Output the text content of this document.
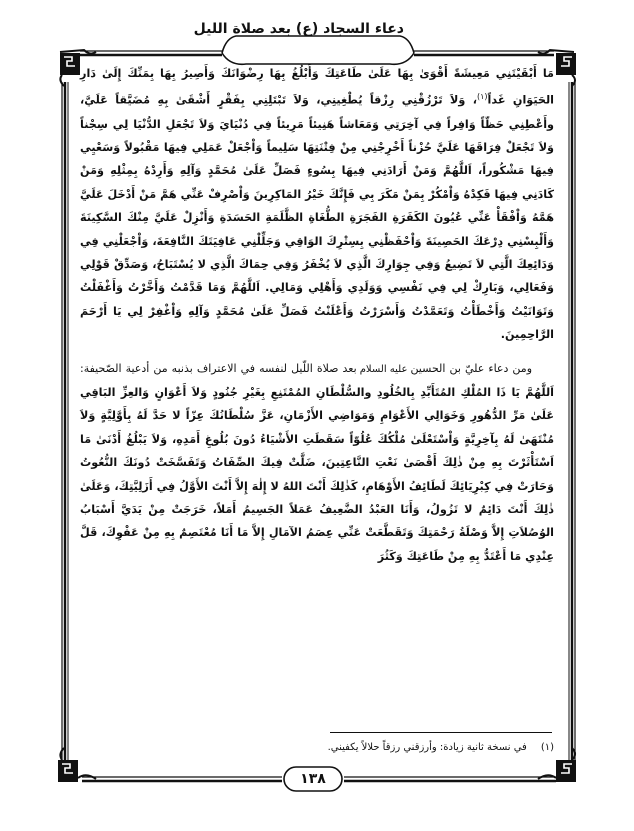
دعاء السجاد (ع) بعد صلاة الليل

مَا أَبْقَيْتَنِي مَعِيشَةً أَقْوَىٰ بِهَا عَلَىٰ طَاعَتِكَ وَأَبْلُغُ بِهَا رِضْوَانَكَ وَأَصِيرُ بِهَا بِمَنِّكَ إِلَىٰ دَارِ الحَيَوَانِ غَداً$^{(١)}$، وَلاَ تَرْزُقْنِي رِزْقاً يُطْغِينِي، وَلاَ تَبْتَلِنِي بِفَقْرٍ أَشْقَىٰ بِهِ مُضَيَّقاً عَلَيَّ، وأَعْطِنِي حَظّاً وَافِراً فِي آخِرَتِي وَمَعَاشاً هَنِيئاً مَرِيئاً فِي دُنْيَايَ وَلاَ تَجْعَلِ الدُّنْيَا لِي سِجْناً وَلاَ تَجْعَلْ فِرَاقَهَا عَلَيَّ حُزْناً أَخْرِجْنِي مِنْ فِتْنَتِهَا سَلِيماً وَاْجْعَلْ عَمَلِي فِيهَا مَقْبُولاً وَسَعْيِي فِيهَا مَشْكُوراً، اَللَّهُمَّ وَمَنْ أَرَادَنِي فِيهَا بِسُوءٍ فَصَلِّ عَلَىٰ مُحَمَّدٍ وَآلِهِ وَأَرِدْهُ بِمِثْلِهِ وَمَنْ كَادَنِي فِيهَا فَكِدْهُ وَاْمْكُرْ بِمَنْ مَكَرَ بِي فَإِنَّكَ خَيْرُ المَاكِرِينَ وَاْصْرِفْ عَنِّي هَمَّ مَنْ أَدْخَلَ عَلَيَّ هَمَّهُ وَاْفْقَأْ عَنِّي عُيُونَ الكَفَرَةِ الفَجَرَةِ الطُّغَاةِ الظَّلَمَةِ الحَسَدَةِ وَأَنْزِلْ عَلَيَّ مِنْكَ السَّكِينَةَ وَأَلْبِسْنِي دِرْعَكَ الحَصِينَةَ وَاْحْفَظْنِي بِسِتْرِكَ الوَاقِي وَجَلِّلْنِي عَافِيَتَكَ النَّافِعَةَ، وَاْجْعَلْنِي فِي وَدَائِعِكَ الَّتِي لاَ تَضِيعُ وَفِي جِوَارِكَ الَّذِي لاَ يُخْفَرُ وَفِي حِمَاكَ الَّذِي لا يُسْتَبَاحُ، وَصَدِّقْ قَوْلِي وَفَعَالِي، وَبَارِكْ لِي فِي نَفْسِي وَوَلَدِي وَأَهْلِي وَمَالِي. اَللَّهُمَّ وَمَا قَدَّمْتُ وَأَخَّرْتُ وَأَغْفَلْتُ وَتَوَانَيْتُ وَأَخْطَأْتُ وَتَعَمَّدْتُ وَأَسْرَرْتُ وَأَعْلَنْتُ فَصَلِّ عَلَىٰ مُحَمَّدٍ وَآلِهِ وَاْغْفِرْ لِي يَا أَرْحَمَ الرَّاحِمِينَ.

ومن دعاء عليّ بن الحسينعليه السلامبعد صلاة اللّيل لنفسه في الاعتراف بذنبه من أدعية الصّحيفة: اَللَّهُمَّ يَا ذَا المُلْكِ المُتَأَبِّدِ بِالخُلُودِ والسُّلْطَانِ المُمْتَنِعِ بِغَيْرِ جُنُودٍ وَلاَ أَعْوَانٍ وَالعِزِّ البَاقِي عَلَىٰ مَرِّ الدُّهُورِ وَخَوَالِي الأَعْوَامِ وَمَوَاضِي الأَزْمَانِ، عَزَّ سُلْطَانُكَ عِزّاً لا حَدَّ لَهُ بِأَوَّلِيَّةٍ وَلاَ مُنْتَهَىٰ لَهُ بِآخِرِيَّةٍ وَاْسْتَعْلَىٰ مُلْكُكَ عُلُوّاً سَقَطَتِ الأَشْيَاءُ دُونَ بُلُوغِ أَمَدِهِ، وَلاَ يَبْلُغُ أَدْنَىٰ مَا اَسْتَأْثَرْتَ بِهِ مِنْ ذٰلِكَ أَقْصَىٰ نَعْتِ النَّاعِتِينَ، ضَلَّتْ فِيكَ الصِّفَاتُ وَتَفَسَّخَتْ دُونَكَ النُّعُوتُ وَحَارَتْ فِي كِبْرِيَائِكَ لَطَائِفُ الأَوْهَامِ، كَذٰلِكَ أَنْتَ اللهُ لا إِلٰهَ إِلاَّ أَنْتَ الأَوَّلُ فِي أَزَلِيَّتِكَ، وَعَلَىٰ ذٰلِكَ أَنْتَ دَائِمٌ لا تَزُولُ، وَأَنَا العَبْدُ الضَّعِيفُ عَمَلاً الجَسِيمُ أَمَلاً، خَرَجَتْ مِنْ يَدَيَّ أَسْبَابُ الوُصُلاَتِ إِلاَّ وَصْلَةُ رَحْمَتِكَ وَتَقَطَّعَتْ عَنِّي عِصَمُ الآمَالِ إِلاَّ مَا أَنَا مُعْتَصِمٌ بِهِ مِنْ عَفْوِكَ، قَلَّ عِنْدِي مَا أَعْتَدُّ بِهِ مِنْ طَاعَتِكَ وَكَثُرَ

(١)في نسخة ثانية زيادة: وأرزقني رزقاً حلالاً يكفيني.
١٣٨
